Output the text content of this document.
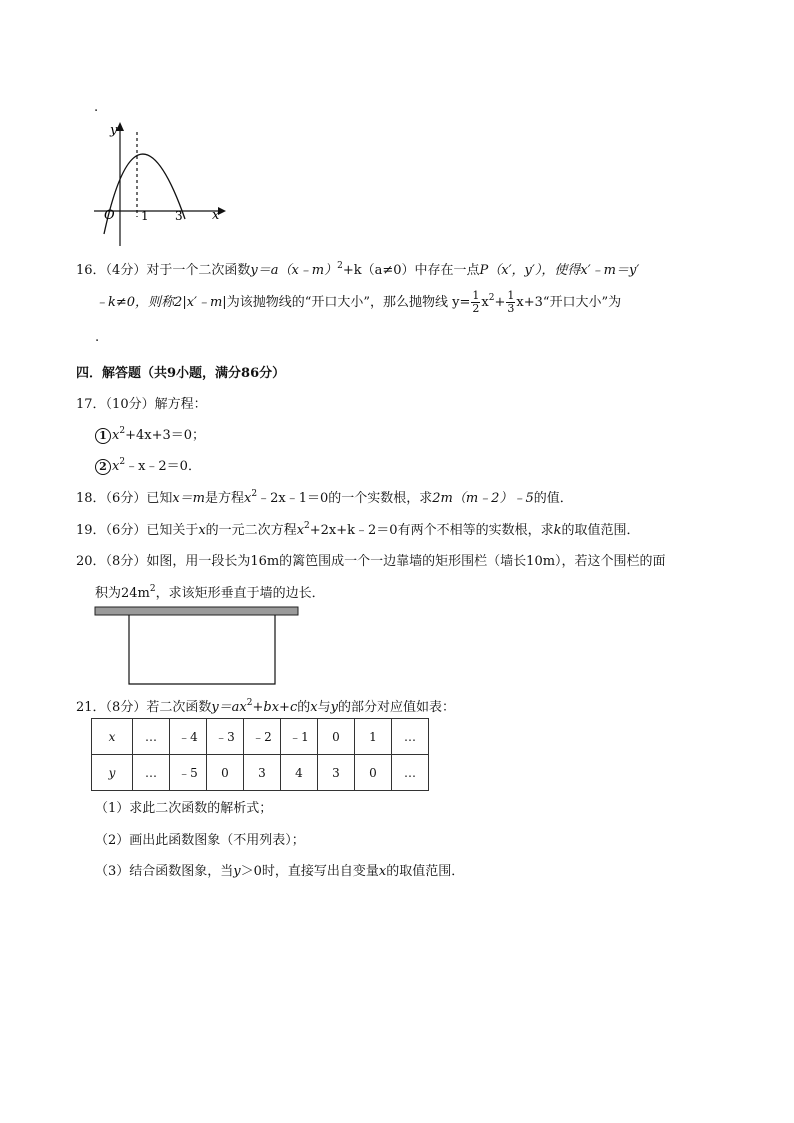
.
y
x
O 1 3
16．（4分）对于一个二次函数y＝a（x﹣m）$^2$+k（a≠0）中存在一点P（x′，y′），使得x′﹣m＝y′
﹣k≠0，则称2|x′﹣m|为该抛物线的“开口大小”，那么抛物线 $y= \frac{1}{2} x^2+ \frac{1}{3}$ x+3“开口大小”为
.
四．解答题（共9小题，满分86分）
17．（10分）解方程：
1 $x^2+4x+3=0$；
2 $x^2﹣x﹣2=0$．
18．（6分）已知x＝m是方程$x^2﹣2x﹣1=0$的一个实数根，求2m（m﹣2）﹣5的值．
19．（6分）已知关于x的一元二次方程$x^2+2x+k﹣2=0$有两个不相等的实数根，求k的取值范围．
20．（8分）如图，用一段长为16m的篱笆围成一个一边靠墙的矩形围栏（墙长10m），若这个围栏的面
积为$24m^2$，求该矩形垂直于墙的边长．
21．（8分）若二次函数$y=ax^2+bx+c$的x与y的部分对应值如表：
x	…	﹣4	﹣3	﹣2	﹣1	0	1	…
y	…	﹣5	0	3	4	3	0	…
（1）求此二次函数的解析式；
（2）画出此函数图象（不用列表）；
（3）结合函数图象，当y＞0时，直接写出自变量x的取值范围．
